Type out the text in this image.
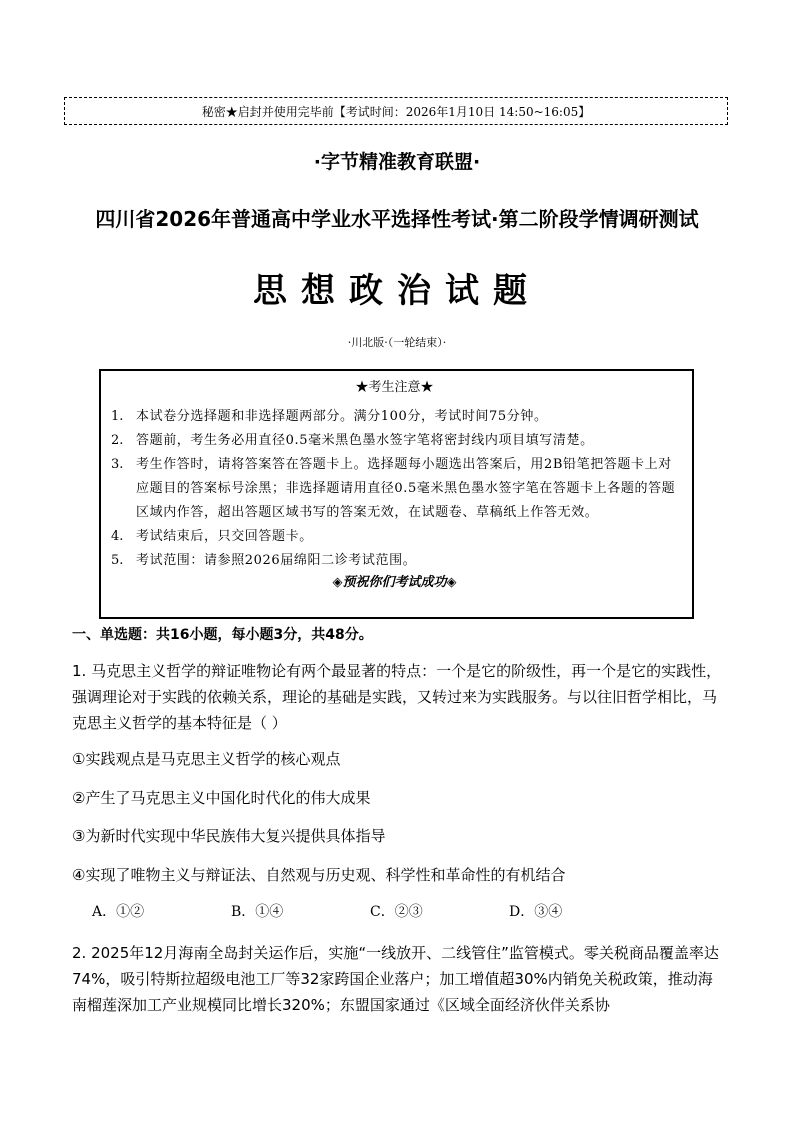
秘密★启封并使用完毕前【考试时间：2026年1月10日 14:50~16:05】
·字节精准教育联盟·
四川省2026年普通高中学业水平选择性考试·第二阶段学情调研测试
思想政治试题
·川北版·（一轮结束）·
★考生注意★
1. 本试卷分选择题和非选择题两部分。满分100分，考试时间75分钟。
2. 答题前，考生务必用直径0.5毫米黑色墨水签字笔将密封线内项目填写清楚。
3. 考生作答时，请将答案答在答题卡上。选择题每小题选出答案后，用2B铅笔把答题卡上对应题目的答案标号涂黑；非选择题请用直径0.5毫米黑色墨水签字笔在答题卡上各题的答题区域内作答，超出答题区域书写的答案无效，在试题卷、草稿纸上作答无效。
4. 考试结束后，只交回答题卡。
5. 考试范围：请参照2026届绵阳二诊考试范围。
◈预祝你们考试成功◈
一、单选题：共16小题，每小题3分，共48分。
1. 马克思主义哲学的辩证唯物论有两个最显著的特点：一个是它的阶级性，再一个是它的实践性，强调理论对于实践的依赖关系，理论的基础是实践，又转过来为实践服务。与以往旧哲学相比，马克思主义哲学的基本特征是（ ）
①实践观点是马克思主义哲学的核心观点
②产生了马克思主义中国化时代化的伟大成果
③为新时代实现中华民族伟大复兴提供具体指导
④实现了唯物主义与辩证法、自然观与历史观、科学性和革命性的有机结合
A．①②	B．①④	C．②③	D．③④
2. 2025年12月海南全岛封关运作后，实施“一线放开、二线管住”监管模式。零关税商品覆盖率达74%，吸引特斯拉超级电池工厂等32家跨国企业落户；加工增值超30%内销免关税政策，推动海南榴莲深加工产业规模同比增长320%；东盟国家通过《区域全面经济伙伴关系协
